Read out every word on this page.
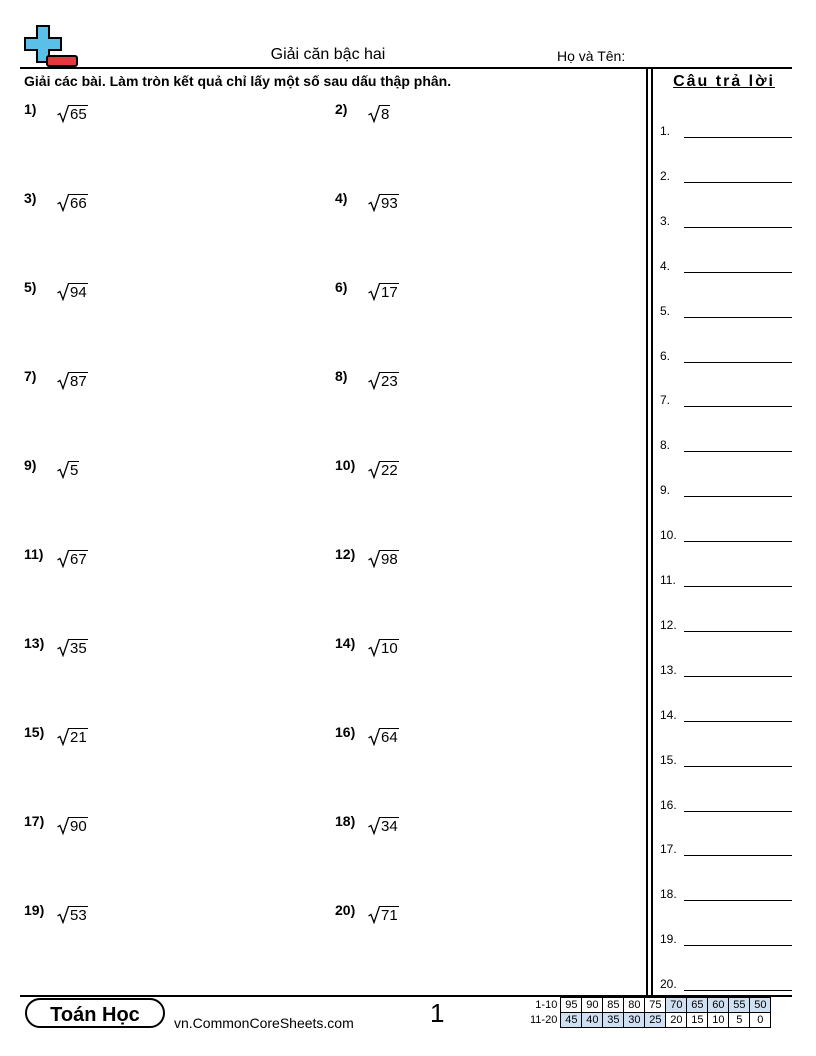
Giải căn bậc hai	Họ và Tên:
Giải các bài. Làm tròn kết quả chỉ lấy một số sau dấu thập phân.	Câu trả lời
1) 65	2) 8
3) 66	4) 93
5) 94	6) 17
7) 87	8) 23
9) 5	10) 22
11) 67	12) 98
13) 35	14) 10
15) 21	16) 64
17) 90	18) 34
19) 53	20) 71
1.
2.
3.
4.
5.
6.
7.
8.
9.
10.
11.
12.
13.
14.
15.
16.
17.
18.
19.
20.
Toán Học	vn.CommonCoreSheets.com	1	1-10	95	90	85	80	75	70	65	60	55	50
11-20	45	40	35	30	25	20	15	10	5	0
